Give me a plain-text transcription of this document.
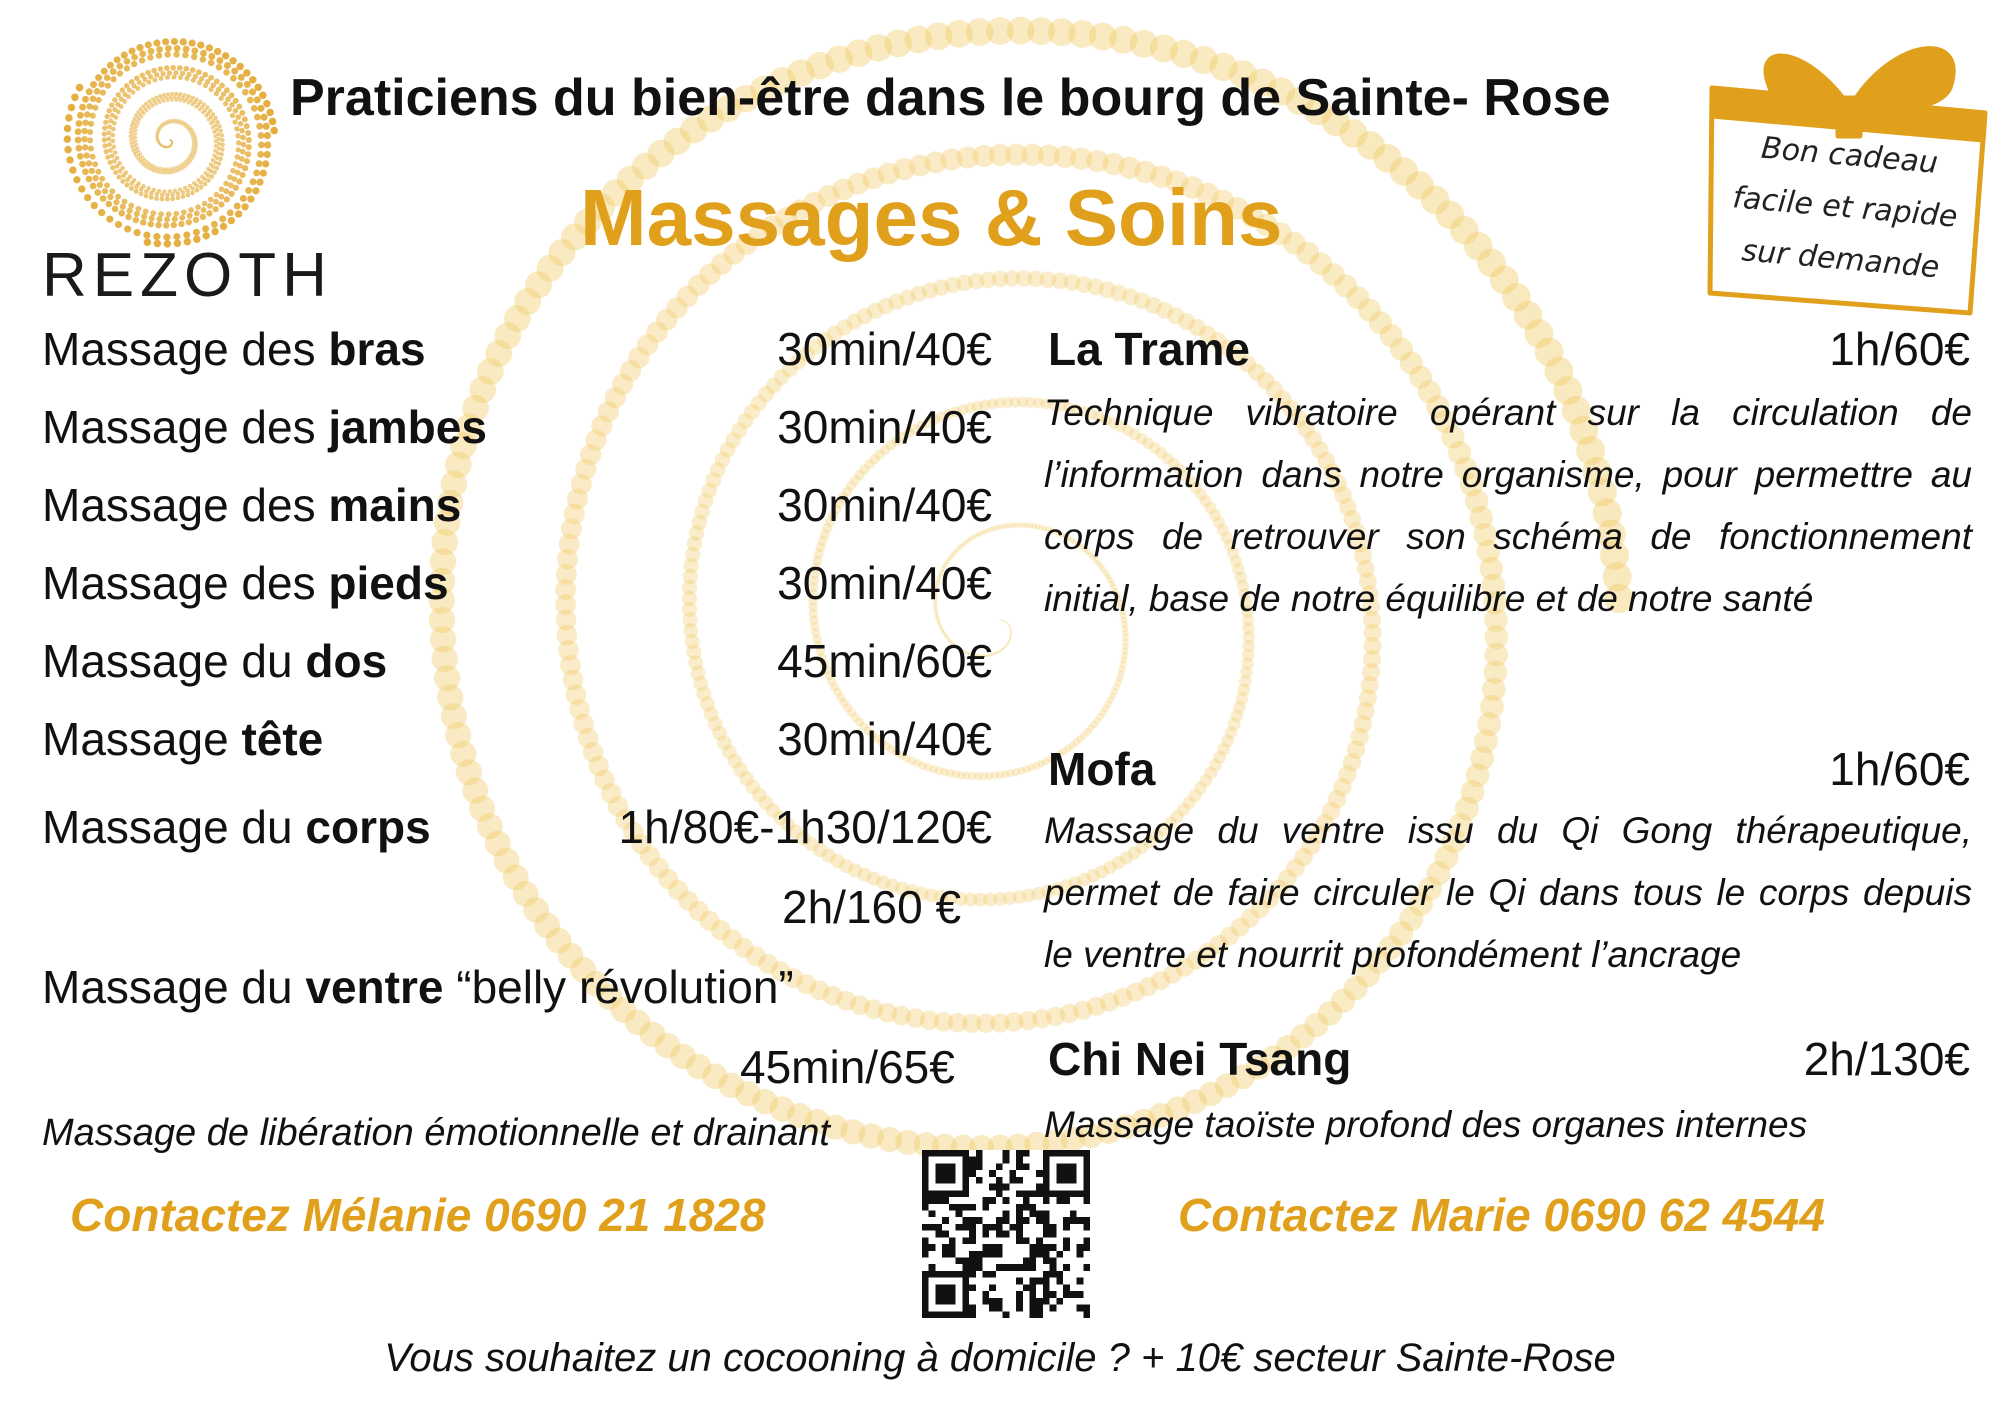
REZOTH
Praticiens du bien-être dans le bourg de Sainte- Rose
Massages & Soins
Bon cadeau
facile et rapide
sur demande
Massage des bras	30min/40€
Massage des jambes	30min/40€
Massage des mains	30min/40€
Massage des pieds	30min/40€
Massage du dos	45min/60€
Massage tête	30min/40€
Massage du corps	1h/80€-1h30/120€
2h/160 €
Massage du ventre “belly révolution”
45min/65€
Massage de libération émotionnelle et drainant
La Trame	1h/60€
Technique vibratoire opérant sur la circulation de l’information dans notre organisme, pour permettre au corps de retrouver son schéma de fonctionnement initial, base de notre équilibre et de notre santé
Mofa	1h/60€
Massage du ventre issu du Qi Gong thérapeutique, permet de faire circuler le Qi dans tous le corps depuis le ventre et nourrit profondément l’ancrage
Chi Nei Tsang	2h/130€
Massage taoïste profond des organes internes
Contactez Mélanie 0690 21 1828	Contactez Marie 0690 62 4544
Vous souhaitez un cocooning à domicile ? + 10€ secteur Sainte-Rose
